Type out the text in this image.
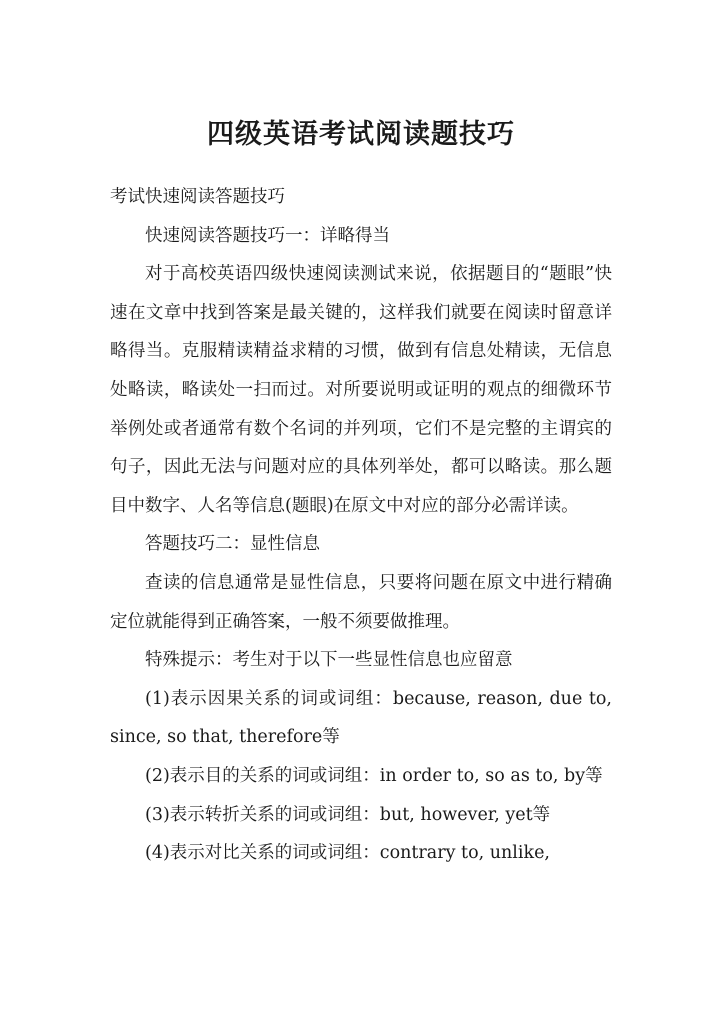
四级英语考试阅读题技巧

考试快速阅读答题技巧

快速阅读答题技巧一：详略得当

对于高校英语四级快速阅读测试来说，依据题目的“题眼”快速在文章中找到答案是最关键的，这样我们就要在阅读时留意详略得当。克服精读精益求精的习惯，做到有信息处精读，无信息处略读，略读处一扫而过。对所要说明或证明的观点的细微环节举例处或者通常有数个名词的并列项，它们不是完整的主谓宾的句子，因此无法与问题对应的具体列举处，都可以略读。那么题目中数字、人名等信息(题眼)在原文中对应的部分必需详读。

答题技巧二：显性信息

查读的信息通常是显性信息，只要将问题在原文中进行精确定位就能得到正确答案，一般不须要做推理。

特殊提示：考生对于以下一些显性信息也应留意

(1)表示因果关系的词或词组：because, reason, due to, since, so that, therefore等

(2)表示目的关系的词或词组：in order to, so as to, by等

(3)表示转折关系的词或词组：but, however, yet等

(4)表示对比关系的词或词组：contrary to, unlike,
